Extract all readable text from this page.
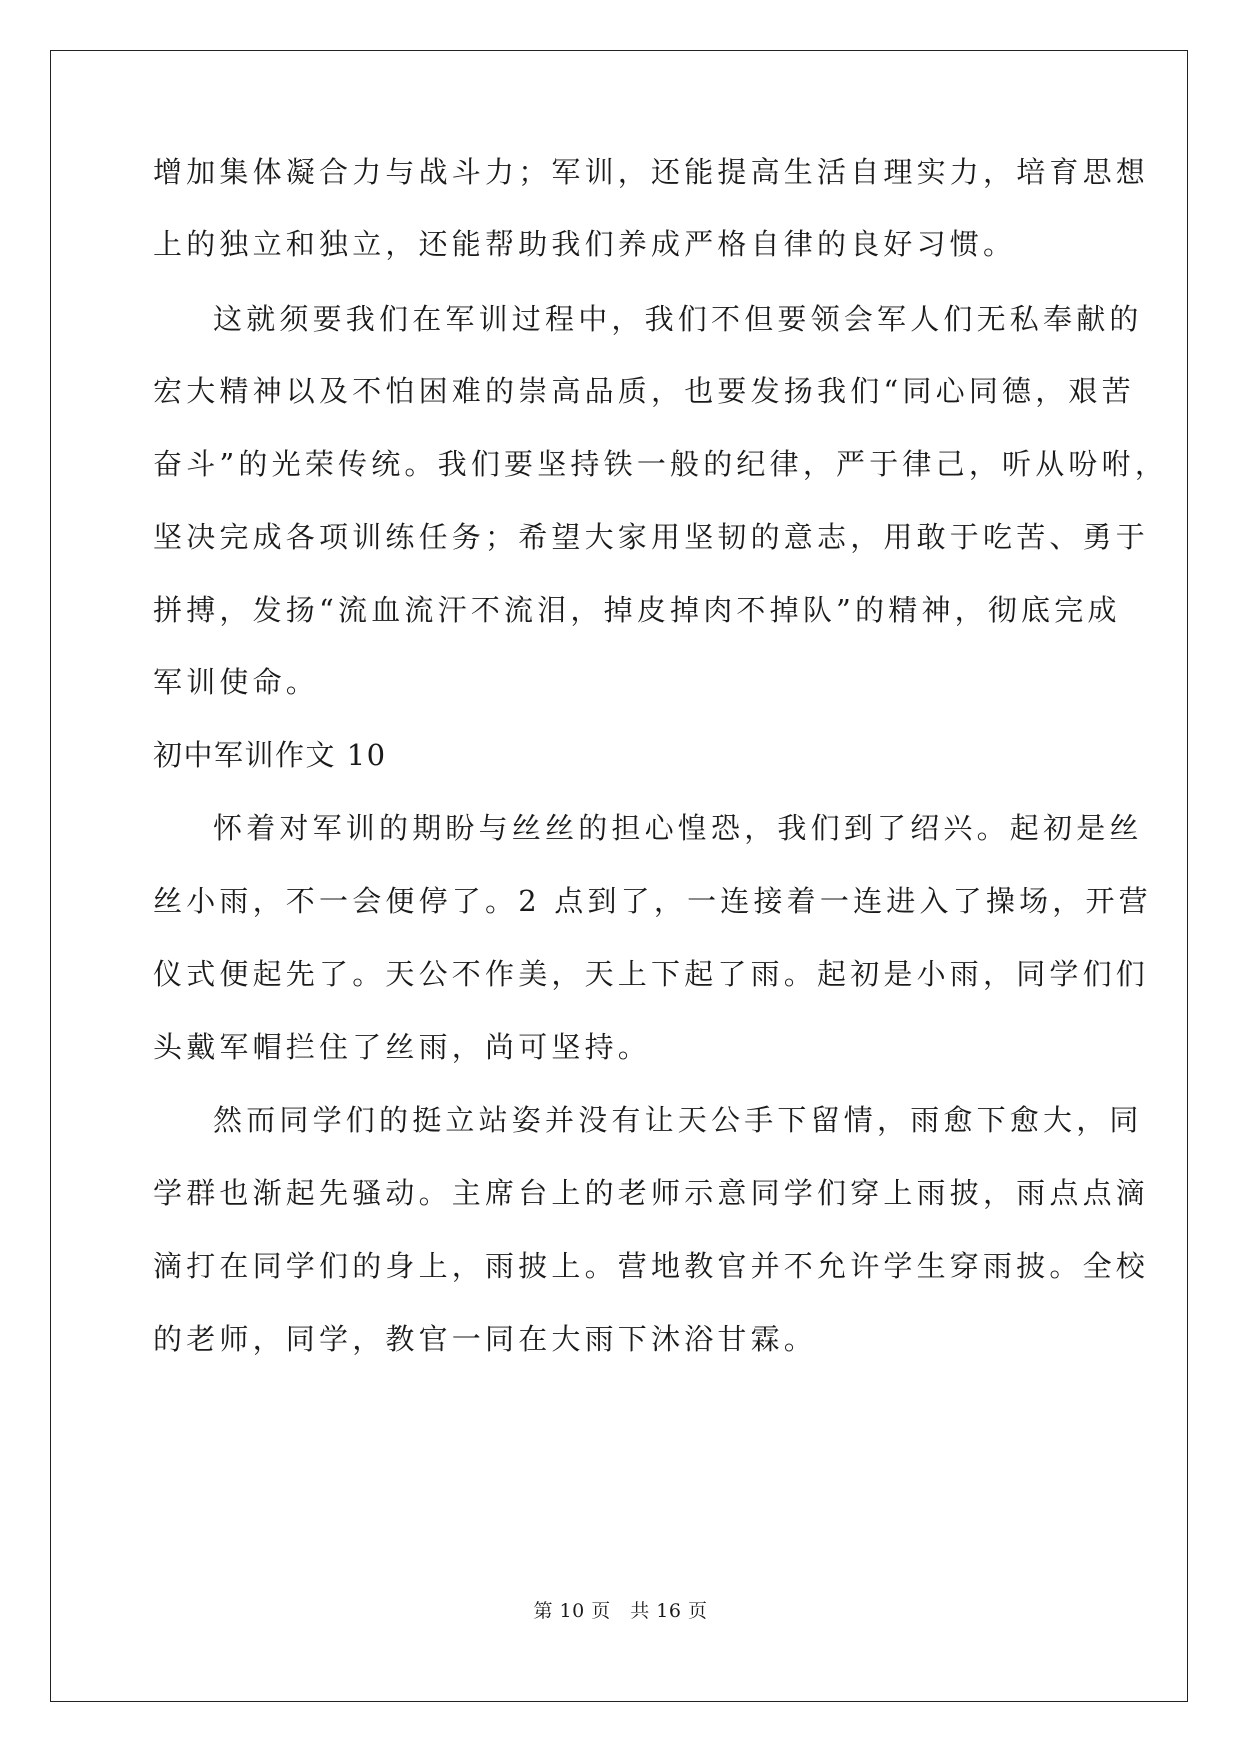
增加集体凝合力与战斗力；军训，还能提高生活自理实力，培育思想
上的独立和独立，还能帮助我们养成严格自律的良好习惯。
这就须要我们在军训过程中，我们不但要领会军人们无私奉献的
宏大精神以及不怕困难的崇高品质，也要发扬我们“同心同德，艰苦
奋斗”的光荣传统。我们要坚持铁一般的纪律，严于律己，听从吩咐，
坚决完成各项训练任务；希望大家用坚韧的意志，用敢于吃苦、勇于
拼搏，发扬“流血流汗不流泪，掉皮掉肉不掉队”的精神，彻底完成
军训使命。
初中军训作文 10
怀着对军训的期盼与丝丝的担心惶恐，我们到了绍兴。起初是丝
丝小雨，不一会便停了。2 点到了，一连接着一连进入了操场，开营
仪式便起先了。天公不作美，天上下起了雨。起初是小雨，同学们们
头戴军帽拦住了丝雨，尚可坚持。
然而同学们的挺立站姿并没有让天公手下留情，雨愈下愈大，同
学群也渐起先骚动。主席台上的老师示意同学们穿上雨披，雨点点滴
滴打在同学们的身上，雨披上。营地教官并不允许学生穿雨披。全校
的老师，同学，教官一同在大雨下沐浴甘霖。
第 10 页　共 16 页
